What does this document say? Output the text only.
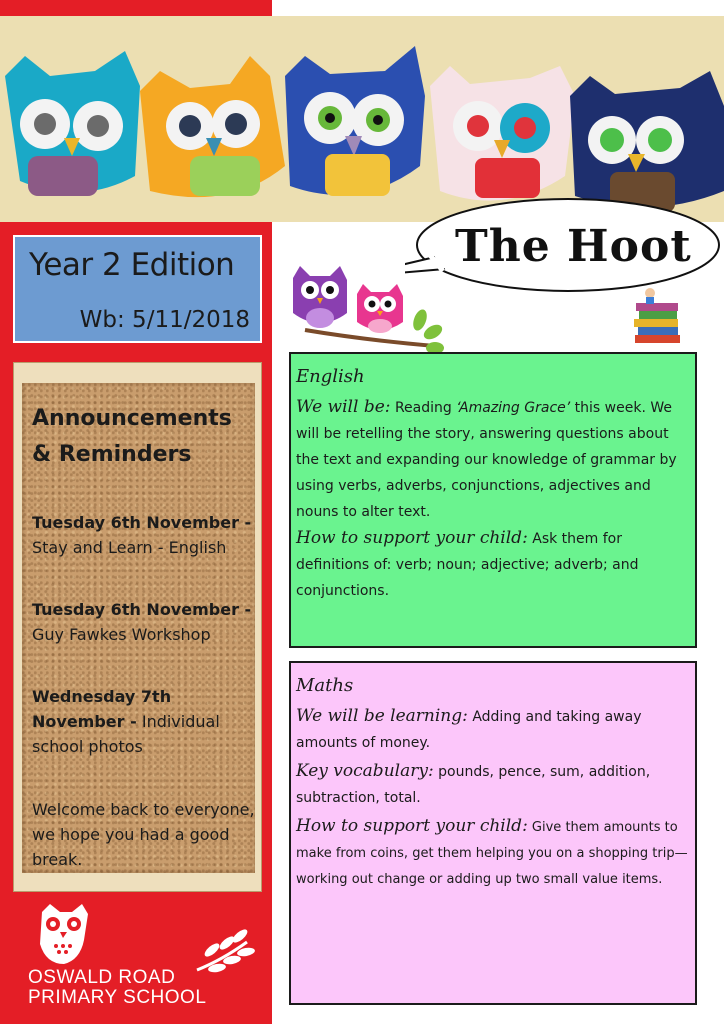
Year 2 Edition
Wb: 5/11/2018
Announcements & Reminders
Tuesday 6th November -
Stay and Learn - English
Tuesday 6th November -
Guy Fawkes Workshop
Wednesday 7th November - Individual school photos
Welcome back to everyone, we hope you had a good break.
OSWALD ROAD
PRIMARY SCHOOL
The Hoot
English

We will be: Reading ‘Amazing Grace’ this week. We will be retelling the story, answering questions about the text and expanding our knowledge of grammar by using verbs, adverbs, conjunctions, adjectives and nouns to alter text.

How to support your child: Ask them for definitions of: verb; noun; adjective; adverb; and conjunctions.

Maths

We will be learning: Adding and taking away amounts of money.

Key vocabulary: pounds, pence, sum, addition, subtraction, total.

How to support your child: Give them amounts to make from coins, get them helping you on a shopping trip—working out change or adding up two small value items.
